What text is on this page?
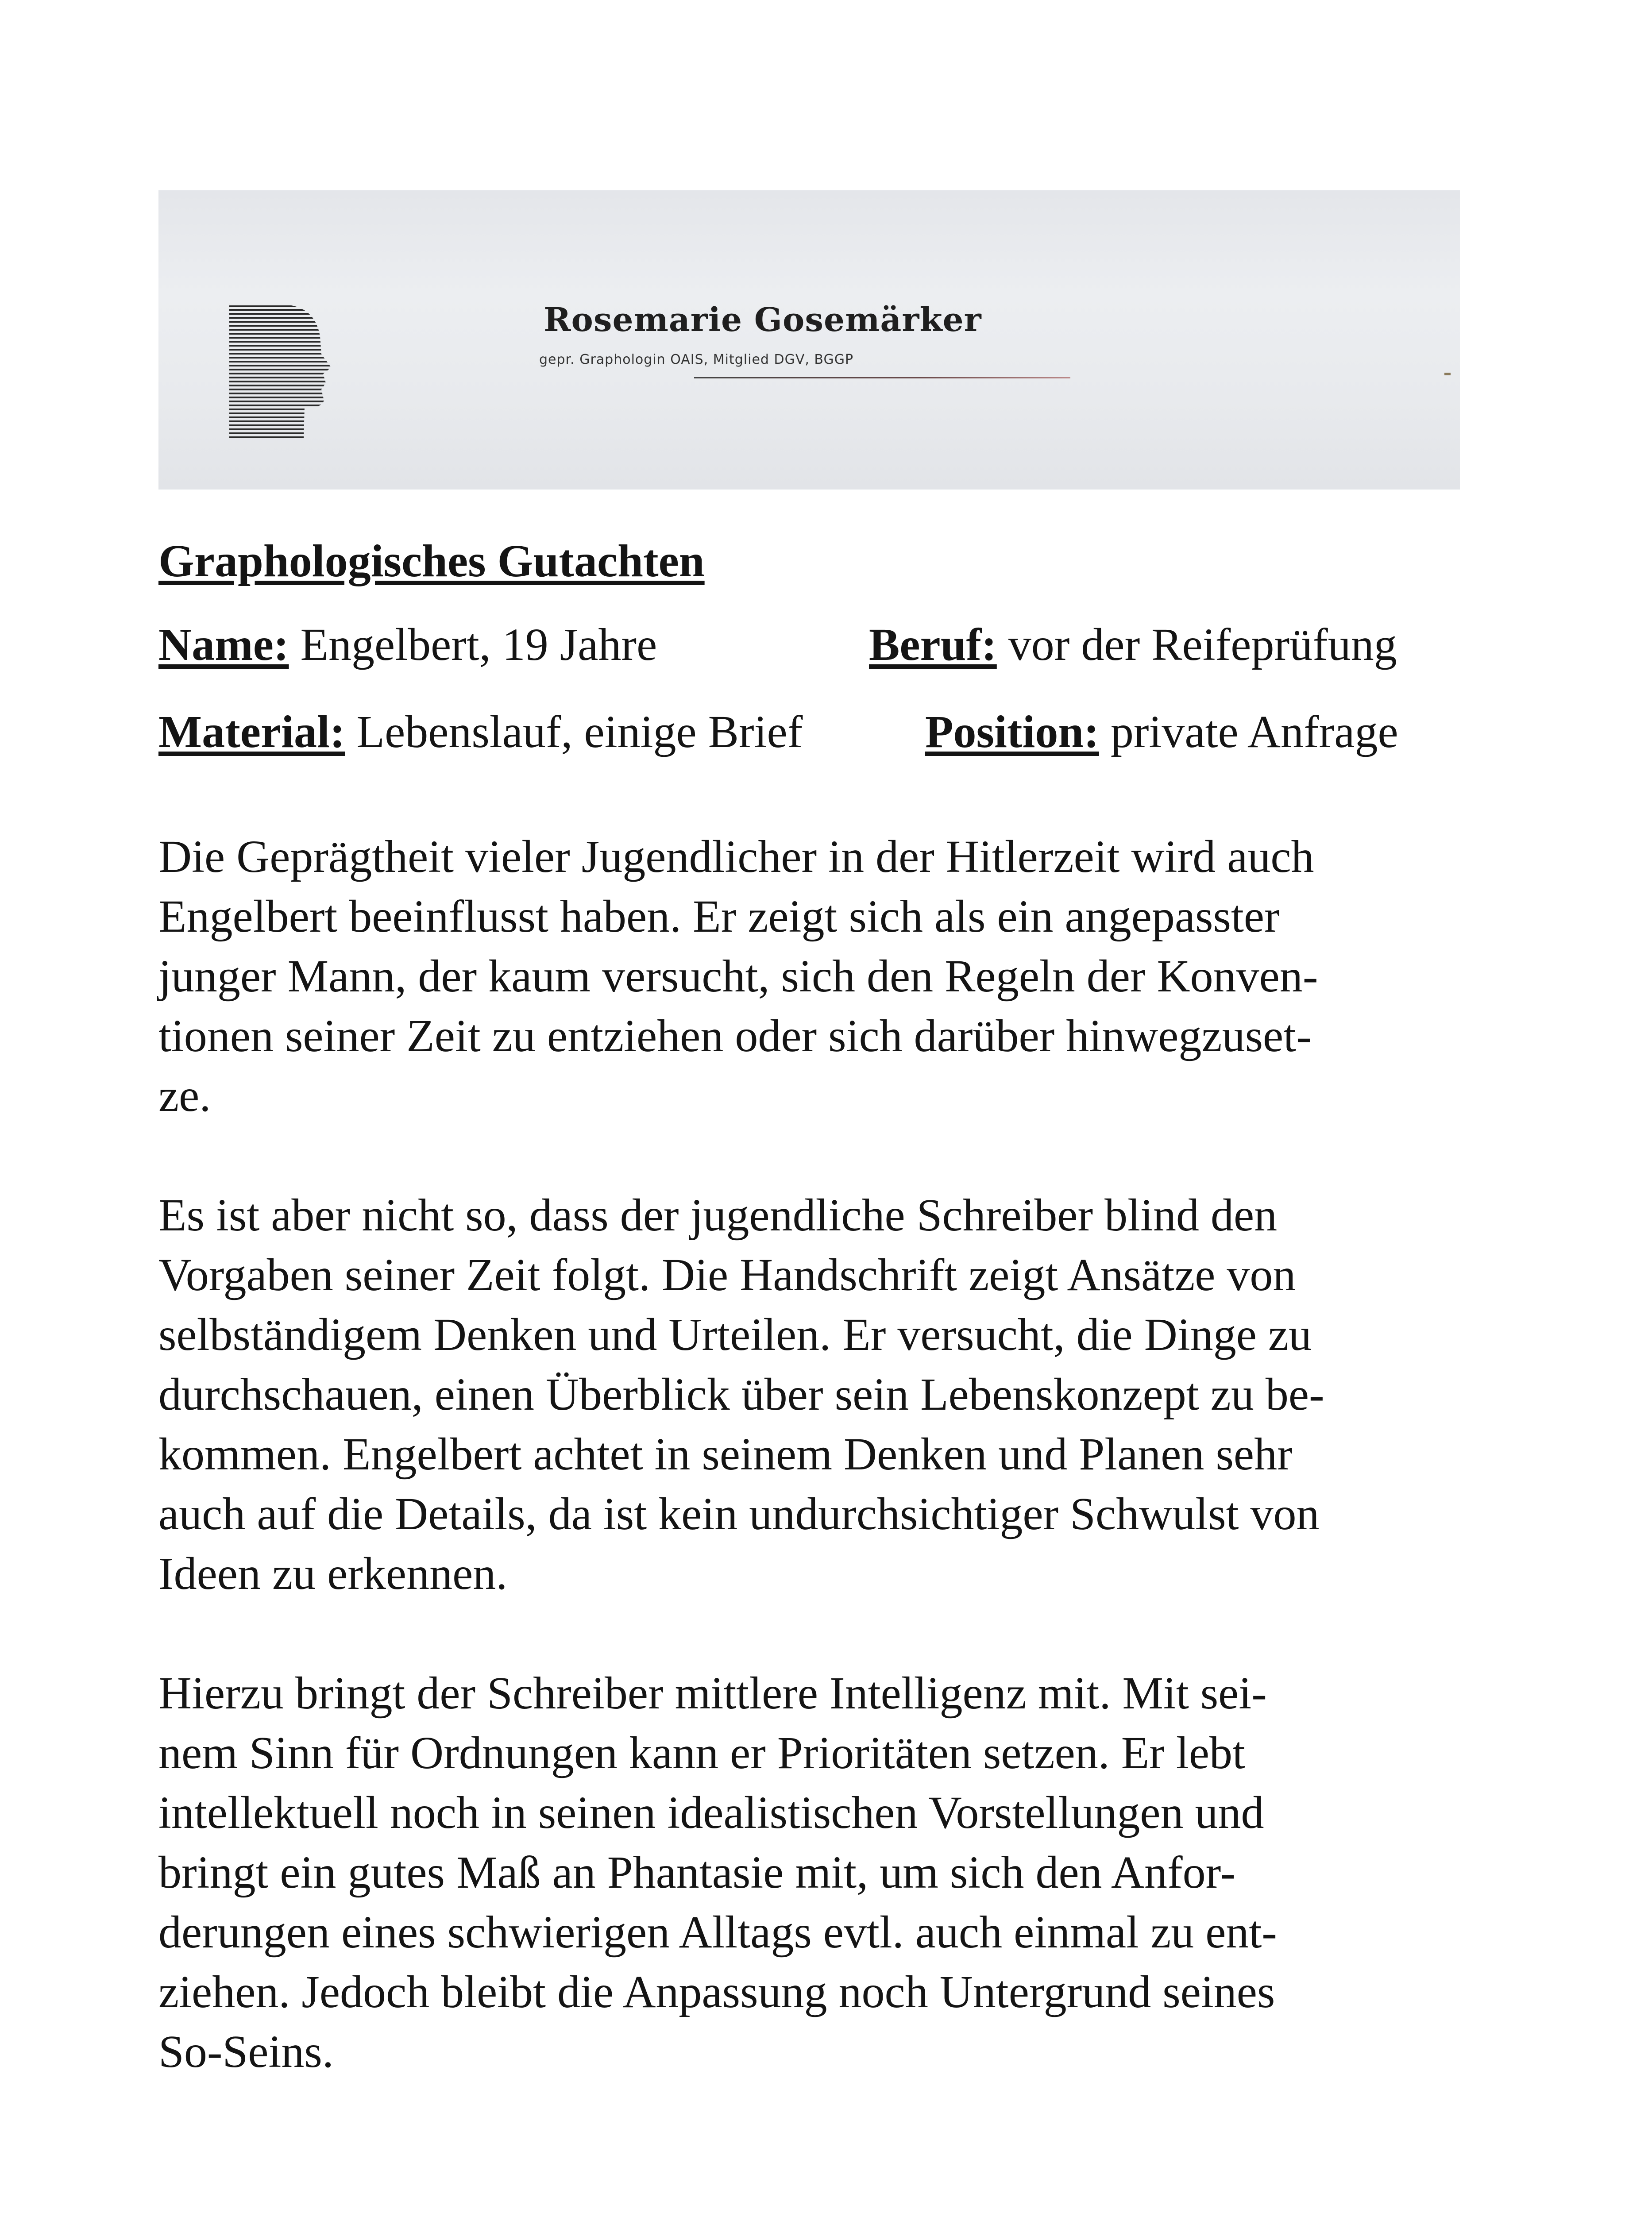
Rosemarie Gosemärker
gepr. Graphologin OAIS, Mitglied DGV, BGGP
Graphologisches Gutachten
Name: Engelbert, 19 Jahre	Beruf: vor der Reifeprüfung
Material: Lebenslauf, einige Brief	Position: private Anfrage

Die Geprägtheit vieler Jugendlicher in der Hitlerzeit wird auch
Engelbert beeinflusst haben. Er zeigt sich als ein angepasster
junger Mann, der kaum versucht, sich den Regeln der Konven-
tionen seiner Zeit zu entziehen oder sich darüber hinwegzuset-
ze.

Es ist aber nicht so, dass der jugendliche Schreiber blind den
Vorgaben seiner Zeit folgt. Die Handschrift zeigt Ansätze von
selbständigem Denken und Urteilen. Er versucht, die Dinge zu
durchschauen, einen Überblick über sein Lebenskonzept zu be-
kommen. Engelbert achtet in seinem Denken und Planen sehr
auch auf die Details, da ist kein undurchsichtiger Schwulst von
Ideen zu erkennen.

Hierzu bringt der Schreiber mittlere Intelligenz mit. Mit sei-
nem Sinn für Ordnungen kann er Prioritäten setzen. Er lebt
intellektuell noch in seinen idealistischen Vorstellungen und
bringt ein gutes Maß an Phantasie mit, um sich den Anfor-
derungen eines schwierigen Alltags evtl. auch einmal zu ent-
ziehen. Jedoch bleibt die Anpassung noch Untergrund seines
So-Seins.
